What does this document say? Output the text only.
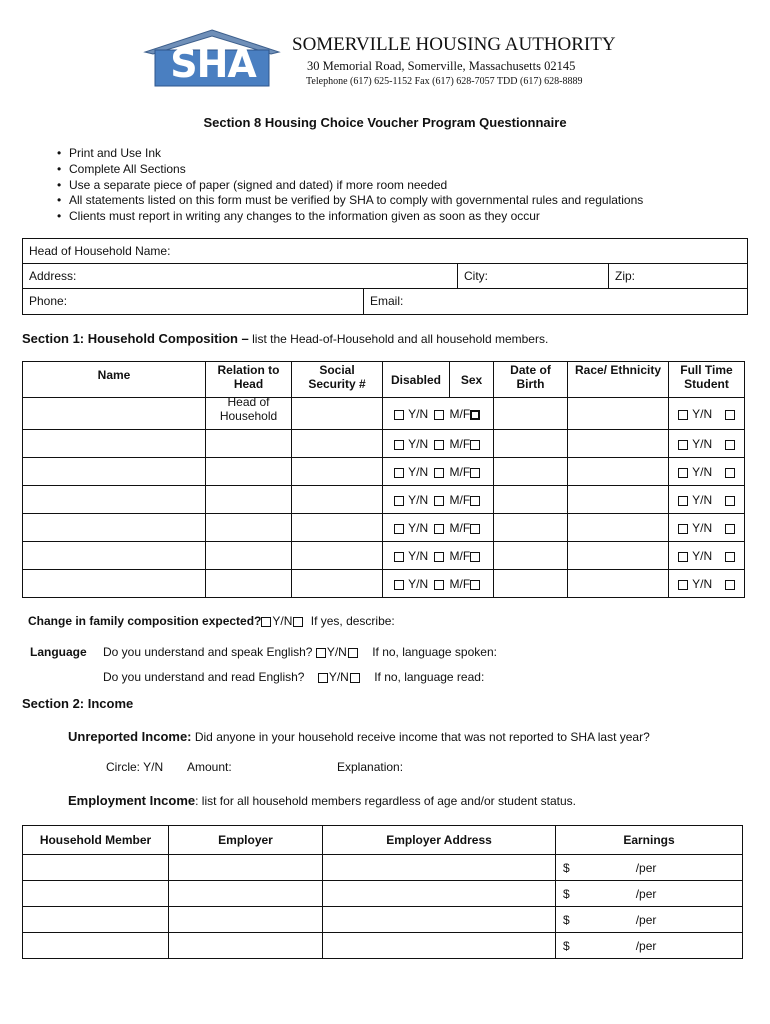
SHA	SOMERVILLE HOUSING AUTHORITY
30 Memorial Road, Somerville, Massachusetts 02145
Telephone (617) 625-1152 Fax (617) 628-7057 TDD (617) 628-8889
Section 8 Housing Choice Voucher Program Questionnaire
• Print and Use Ink
• Complete All Sections
• Use a separate piece of paper (signed and dated) if more room needed
• All statements listed on this form must be verified by SHA to comply with governmental rules and regulations
• Clients must report in writing any changes to the information given as soon as they occur
Head of Household Name:
Address:	City:	Zip:
Phone:	Email:
Section 1: Household Composition – list the Head-of-Household and all household members.
Name	Relation to Head	Social Security #	Disabled	Sex	Date of Birth	Race/ Ethnicity	Full Time Student

	Head of Household		Y/N	M/F			Y/N
			Y/N	M/F			Y/N
			Y/N	M/F			Y/N
			Y/N	M/F			Y/N
			Y/N	M/F			Y/N
			Y/N	M/F			Y/N
			Y/N	M/F			Y/N
Change in family composition expected? Y/N If yes, describe:
Language Do you understand and speak English? Y/N If no, language spoken:
Do you understand and read English? Y/N If no, language read:
Section 2: Income
Unreported Income: Did anyone in your household receive income that was not reported to SHA last year?
Circle: Y/N Amount:	Explanation:
Employment Income: list for all household members regardless of age and/or student status.
Household Member	Employer	Employer Address	Earnings
			$ /per
			$ /per
			$ /per
			$ /per
